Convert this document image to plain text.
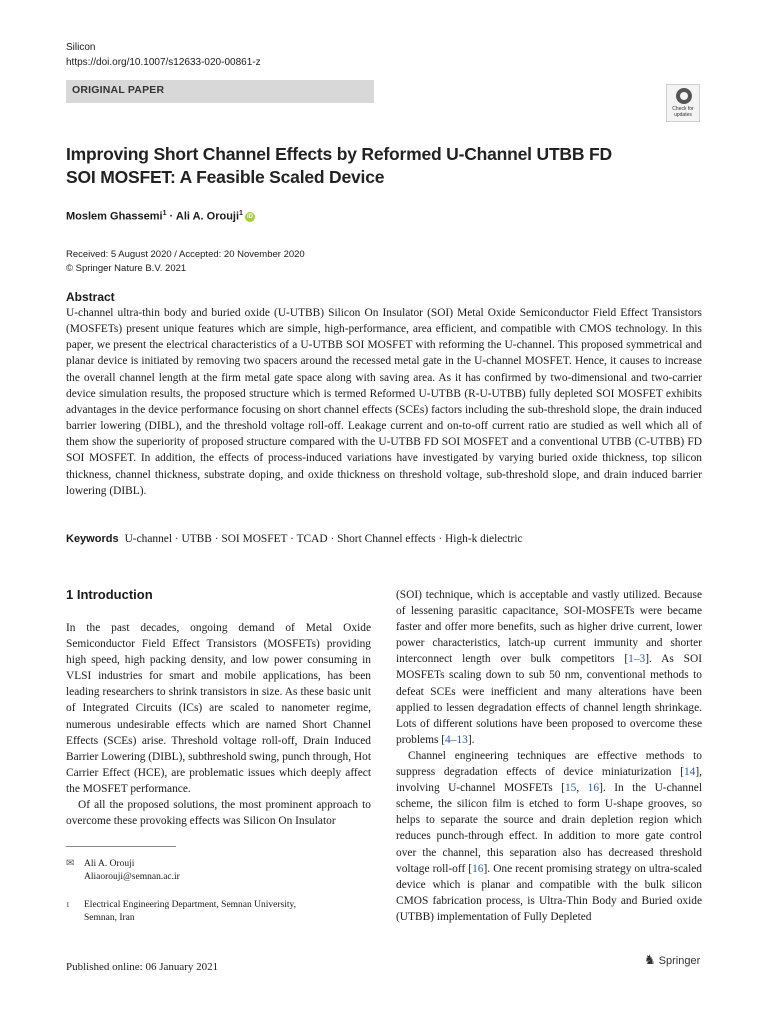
Silicon
https://doi.org/10.1007/s12633-020-00861-z
ORIGINAL PAPER
Check for updates
Improving Short Channel Effects by Reformed U-Channel UTBB FD
SOI MOSFET: A Feasible Scaled Device
Moslem Ghassemi$^1$ · Ali A. Orouji$^1$ iD
Received: 5 August 2020 / Accepted: 20 November 2020
© Springer Nature B.V. 2021
Abstract
U-channel ultra-thin body and buried oxide (U-UTBB) Silicon On Insulator (SOI) Metal Oxide Semiconductor Field Effect Transistors (MOSFETs) present unique features which are simple, high-performance, area efficient, and compatible with CMOS technology. In this paper, we present the electrical characteristics of a U-UTBB SOI MOSFET with reforming the U-channel. This proposed symmetrical and planar device is initiated by removing two spacers around the recessed metal gate in the U-channel MOSFET. Hence, it causes to increase the overall channel length at the firm metal gate space along with saving area. As it has confirmed by two-dimensional and two-carrier device simulation results, the proposed structure which is termed Reformed U-UTBB (R-U-UTBB) fully depleted SOI MOSFET exhibits advantages in the device performance focusing on short channel effects (SCEs) factors including the sub-threshold slope, the drain induced barrier lowering (DIBL), and the threshold voltage roll-off. Leakage current and on-to-off current ratio are studied as well which all of them show the superiority of proposed structure compared with the U-UTBB FD SOI MOSFET and a conventional UTBB (C-UTBB) FD SOI MOSFET. In addition, the effects of process-induced variations have investigated by varying buried oxide thickness, top silicon thickness, channel thickness, substrate doping, and oxide thickness on threshold voltage, sub-threshold slope, and drain induced barrier lowering (DIBL).
Keywords U-channel · UTBB · SOI MOSFET · TCAD · Short Channel effects · High-k dielectric
1 Introduction

In the past decades, ongoing demand of Metal Oxide Semiconductor Field Effect Transistors (MOSFETs) providing high speed, high packing density, and low power consuming in VLSI industries for smart and mobile applications, has been leading researchers to shrink transistors in size. As these basic unit of Integrated Circuits (ICs) are scaled to nanometer regime, numerous undesirable effects which are named Short Channel Effects (SCEs) arise. Threshold voltage roll-off, Drain Induced Barrier Lowering (DIBL), subthreshold swing, punch through, Hot Carrier Effect (HCE), are problematic issues which deeply affect the MOSFET performance.

Of all the proposed solutions, the most prominent approach to overcome these provoking effects was Silicon On Insulator

(SOI) technique, which is acceptable and vastly utilized. Because of lessening parasitic capacitance, SOI-MOSFETs were became faster and offer more benefits, such as higher drive current, lower power characteristics, latch-up current immunity and shorter interconnect length over bulk competitors [1–3]. As SOI MOSFETs scaling down to sub 50 nm, conventional methods to defeat SCEs were inefficient and many alterations have been applied to lessen degradation effects of channel length shrinkage. Lots of different solutions have been proposed to overcome these problems [4–13].

Channel engineering techniques are effective methods to suppress degradation effects of device miniaturization [14], involving U-channel MOSFETs [15, 16]. In the U-channel scheme, the silicon film is etched to form U-shape grooves, so helps to separate the source and drain depletion region which reduces punch-through effect. In addition to more gate control over the channel, this separation also has decreased threshold voltage roll-off [16]. One recent promising strategy on ultra-scaled device which is planar and compatible with the bulk silicon CMOS fabrication process, is Ultra-Thin Body and Buried oxide (UTBB) implementation of Fully Depleted

✉ Ali A. Orouji
Aliaorouji@semnan.ac.ir
1 Electrical Engineering Department, Semnan University,
Semnan, Iran
Published online: 06 January 2021	♞ Springer
